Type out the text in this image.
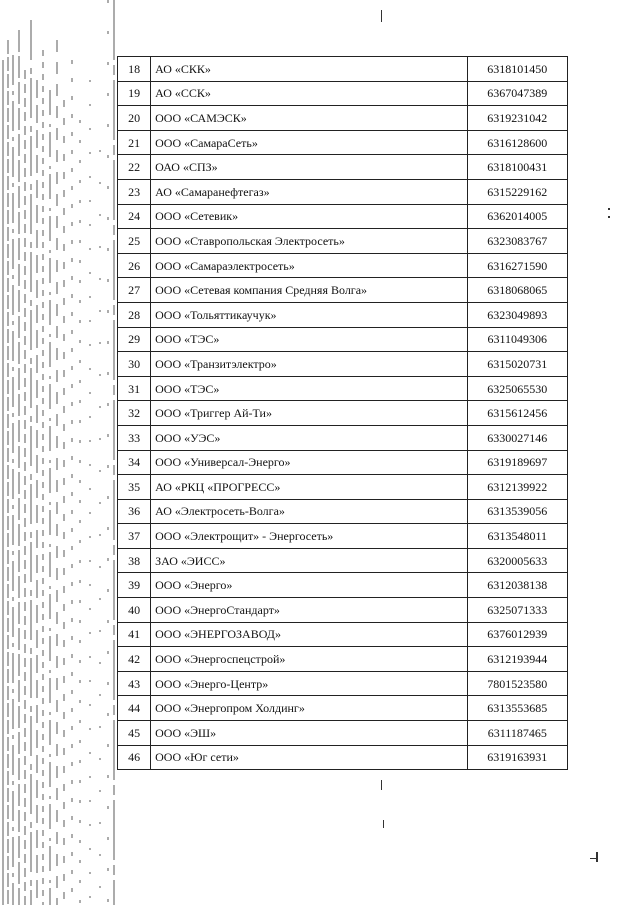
18	АО «СКК»	6318101450
19	АО «ССК»	6367047389
20	ООО «САМЭСК»	6319231042
21	ООО «СамараСеть»	6316128600
22	ОАО «СПЗ»	6318100431
23	АО «Самаранефтегаз»	6315229162
24	ООО «Сетевик»	6362014005
25	ООО «Ставропольская Электросеть»	6323083767
26	ООО «Самараэлектросеть»	6316271590
27	ООО «Сетевая компания Средняя Волга»	6318068065
28	ООО «Тольяттикаучук»	6323049893
29	ООО «ТЭС»	6311049306
30	ООО «Транзитэлектро»	6315020731
31	ООО «ТЭС»	6325065530
32	ООО «Триггер Ай-Ти»	6315612456
33	ООО «УЭС»	6330027146
34	ООО «Универсал-Энерго»	6319189697
35	АО «РКЦ «ПРОГРЕСС»	6312139922
36	АО «Электросеть-Волга»	6313539056
37	ООО «Электрощит» - Энергосеть»	6313548011
38	ЗАО «ЭИСС»	6320005633
39	ООО «Энерго»	6312038138
40	ООО «ЭнергоСтандарт»	6325071333
41	ООО «ЭНЕРГОЗАВОД»	6376012939
42	ООО «Энергоспецстрой»	6312193944
43	ООО «Энерго-Центр»	7801523580
44	ООО «Энергопром Холдинг»	6313553685
45	ООО «ЭШ»	6311187465
46	ООО «Юг сети»	6319163931
